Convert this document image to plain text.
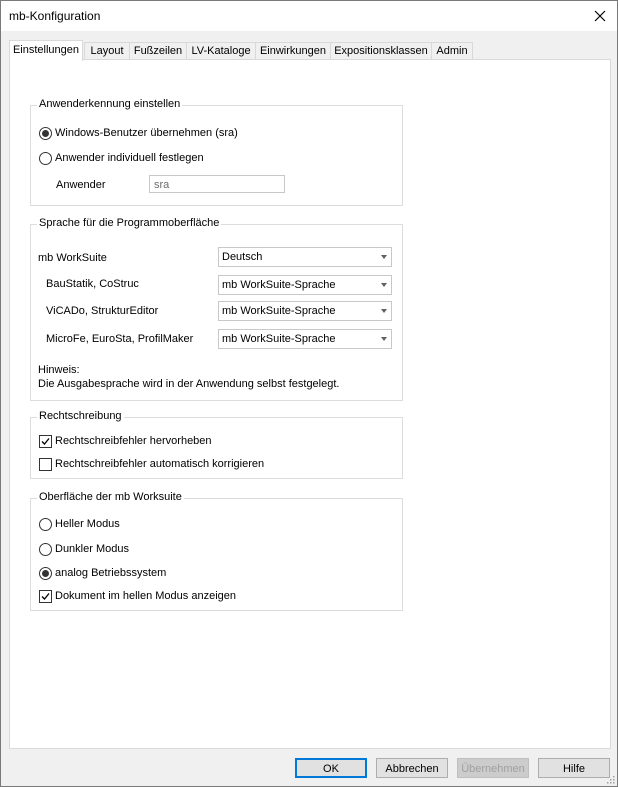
mb-Konfiguration
Einstellungen	Layout Fußzeilen LV-Kataloge Einwirkungen Expositionsklassen Admin
Anwenderkennung einstellen
Windows-Benutzer übernehmen (sra)
Anwender individuell festlegen
Anwender	sra
Sprache für die Programmoberfläche
mb WorkSuite	Deutsch
BauStatik, CoStruc	mb WorkSuite-Sprache
ViCADo, StrukturEditor	mb WorkSuite-Sprache
MicroFe, EuroSta, ProfilMaker	mb WorkSuite-Sprache
Hinweis:
Die Ausgabesprache wird in der Anwendung selbst festgelegt.
Rechtschreibung
Rechtschreibfehler hervorheben
Rechtschreibfehler automatisch korrigieren
Oberfläche der mb Worksuite
Heller Modus
Dunkler Modus
analog Betriebssystem
Dokument im hellen Modus anzeigen
OK	Abbrechen	Übernehmen	Hilfe
